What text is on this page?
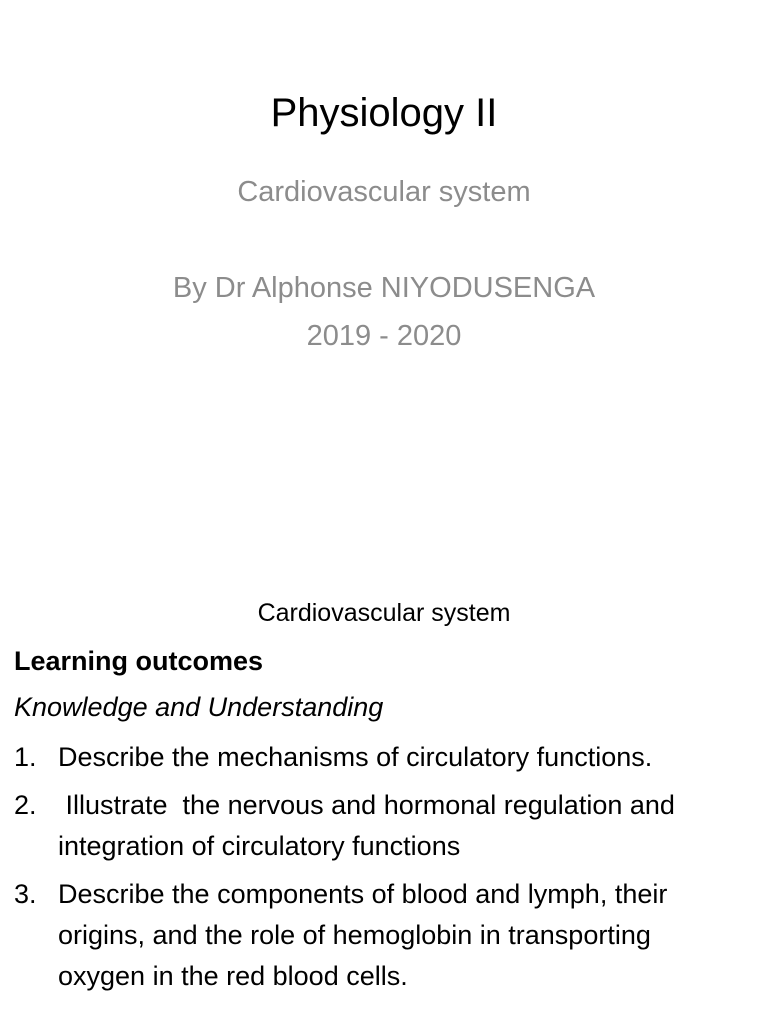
Physiology II
Cardiovascular system
By Dr Alphonse NIYODUSENGA
2019 - 2020
Cardiovascular system
Learning outcomes
Knowledge and Understanding
1. Describe the mechanisms of circulatory functions.
2. Illustrate  the nervous and hormonal regulation and integration of circulatory functions
3. Describe the components of blood and lymph, their origins, and the role of hemoglobin in transporting oxygen in the red blood cells.
